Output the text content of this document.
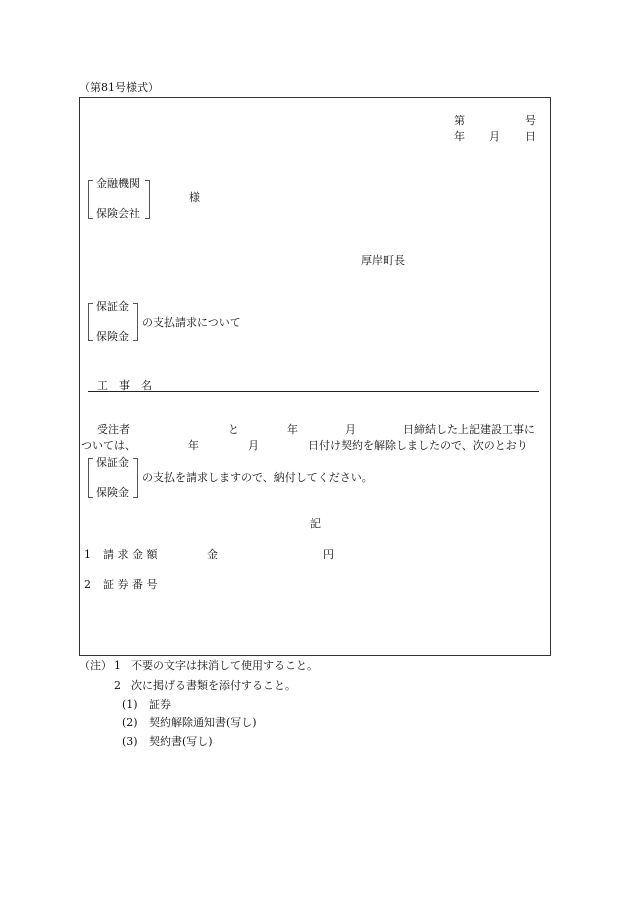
（第81号様式）
第	号
年 月 日
金融機関
保険会社
様
厚岸町長
保証金
保険金
の支払請求について
工　事　名
受注者	と	年	月	日締結した上記建設工事に
ついては、	年	月	日付け契約を解除しましたので、次のとおり
保証金
保険金
の支払を請求しますので、納付してください。
記
1 請 求 金 額	金	円
2 証 券 番 号
（注） 1 不要の文字は抹消して使用すること。
2 次に掲げる書類を添付すること。
(1) 証券
(2) 契約解除通知書(写し)
(3) 契約書(写し)
